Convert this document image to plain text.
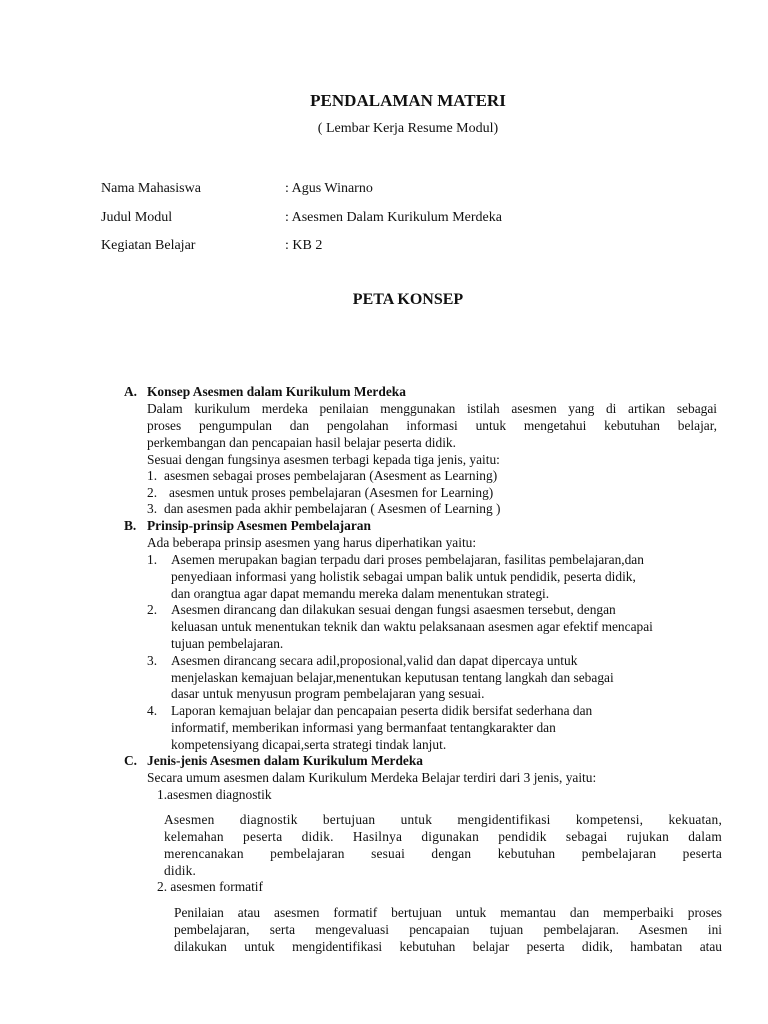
PENDALAMAN MATERI
( Lembar Kerja Resume Modul)
Nama Mahasiswa	: Agus Winarno
Judul Modul	: Asesmen Dalam Kurikulum Merdeka
Kegiatan Belajar	: KB 2
PETA KONSEP
A. Konsep Asesmen dalam Kurikulum Merdeka
Dalam kurikulum merdeka penilaian menggunakan istilah asesmen yang di artikan sebagai
proses pengumpulan dan pengolahan informasi untuk mengetahui kebutuhan belajar,
perkembangan dan pencapaian hasil belajar peserta didik.
Sesuai dengan fungsinya asesmen terbagi kepada tiga jenis, yaitu:
1. asesmen sebagai proses pembelajaran (Asesment as Learning)
2. asesmen untuk proses pembelajaran (Asesmen for Learning)
3. dan asesmen pada akhir pembelajaran ( Asesmen of Learning )
B. Prinsip-prinsip Asesmen Pembelajaran
Ada beberapa prinsip asesmen yang harus diperhatikan yaitu:
1. Asemen merupakan bagian terpadu dari proses pembelajaran, fasilitas pembelajaran,dan
penyediaan informasi yang holistik sebagai umpan balik untuk pendidik, peserta didik,
dan orangtua agar dapat memandu mereka dalam menentukan strategi.
2. Asesmen dirancang dan dilakukan sesuai dengan fungsi asaesmen tersebut, dengan
keluasan untuk menentukan teknik dan waktu pelaksanaan asesmen agar efektif mencapai
tujuan pembelajaran.
3. Asesmen dirancang secara adil,proposional,valid dan dapat dipercaya untuk
menjelaskan kemajuan belajar,menentukan keputusan tentang langkah dan sebagai
dasar untuk menyusun program pembelajaran yang sesuai.
4. Laporan kemajuan belajar dan pencapaian peserta didik bersifat sederhana dan
informatif, memberikan informasi yang bermanfaat tentangkarakter dan
kompetensiyang dicapai,serta strategi tindak lanjut.
C. Jenis-jenis Asesmen dalam Kurikulum Merdeka
Secara umum asesmen dalam Kurikulum Merdeka Belajar terdiri dari 3 jenis, yaitu:
1.asesmen diagnostik
Asesmen diagnostik bertujuan untuk mengidentifikasi kompetensi, kekuatan,
kelemahan peserta didik. Hasilnya digunakan pendidik sebagai rujukan dalam
merencanakan pembelajaran sesuai dengan kebutuhan pembelajaran peserta
didik.
2. asesmen formatif
Penilaian atau asesmen formatif bertujuan untuk memantau dan memperbaiki proses
pembelajaran, serta mengevaluasi pencapaian tujuan pembelajaran. Asesmen ini
dilakukan untuk mengidentifikasi kebutuhan belajar peserta didik, hambatan atau
